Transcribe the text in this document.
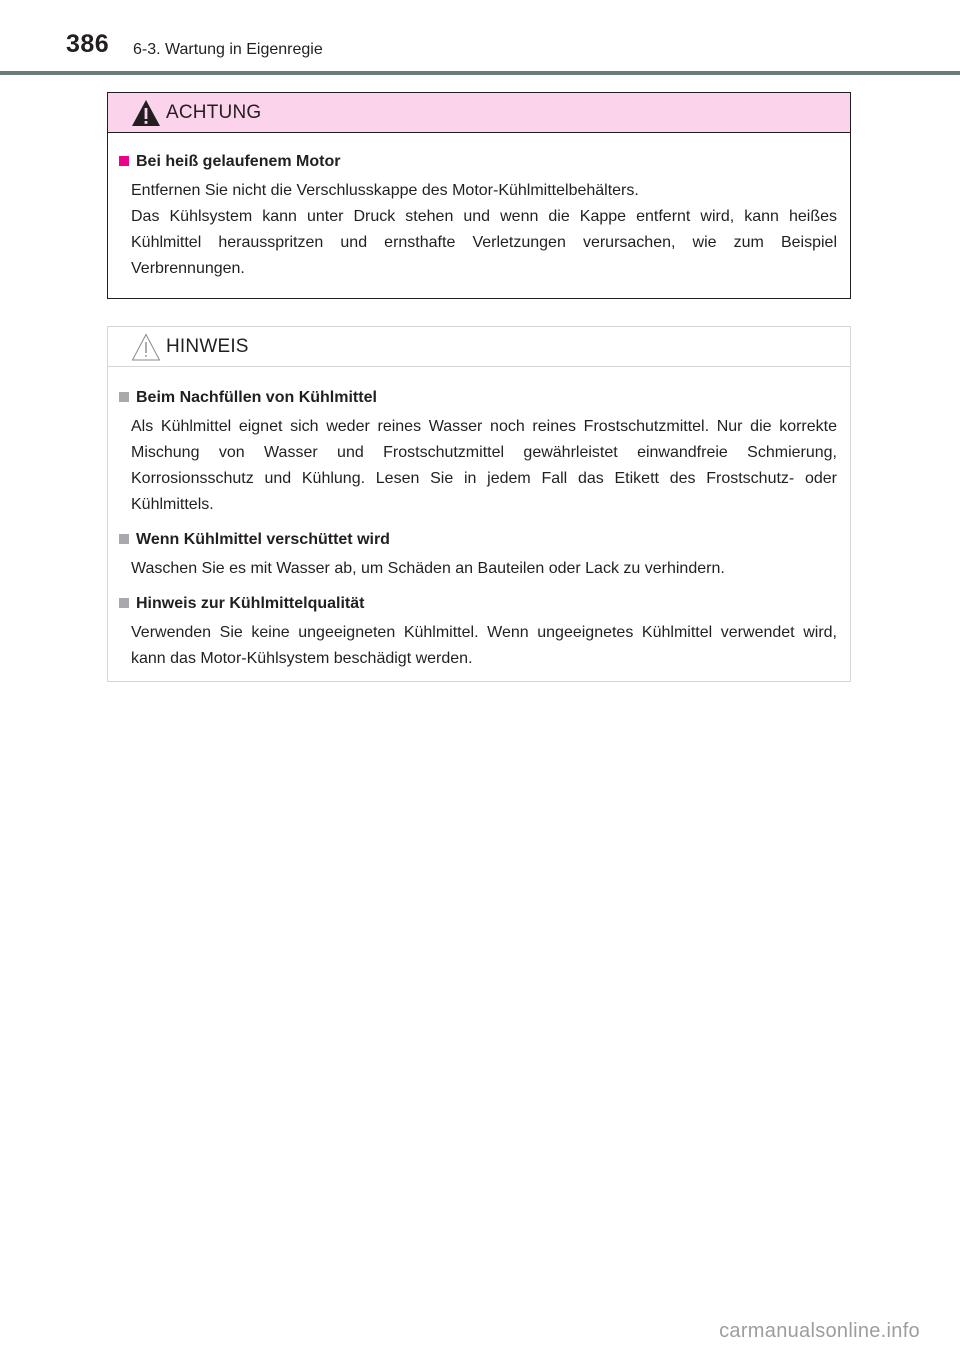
386 6-3. Wartung in Eigenregie
ACHTUNG
Bei heiß gelaufenem Motor
Entfernen Sie nicht die Verschlusskappe des Motor-Kühlmittelbehälters.
Das Kühlsystem kann unter Druck stehen und wenn die Kappe entfernt wird, kann heißes Kühlmittel herausspritzen und ernsthafte Verletzungen verursachen, wie zum Beispiel Verbrennungen.
HINWEIS
Beim Nachfüllen von Kühlmittel
Als Kühlmittel eignet sich weder reines Wasser noch reines Frostschutzmittel. Nur die korrekte Mischung von Wasser und Frostschutzmittel gewährleistet einwandfreie Schmierung, Korrosionsschutz und Kühlung. Lesen Sie in jedem Fall das Etikett des Frostschutz- oder Kühlmittels.
Wenn Kühlmittel verschüttet wird
Waschen Sie es mit Wasser ab, um Schäden an Bauteilen oder Lack zu verhindern.
Hinweis zur Kühlmittelqualität
Verwenden Sie keine ungeeigneten Kühlmittel. Wenn ungeeignetes Kühlmittel verwendet wird, kann das Motor-Kühlsystem beschädigt werden.
carmanualsonline.info
